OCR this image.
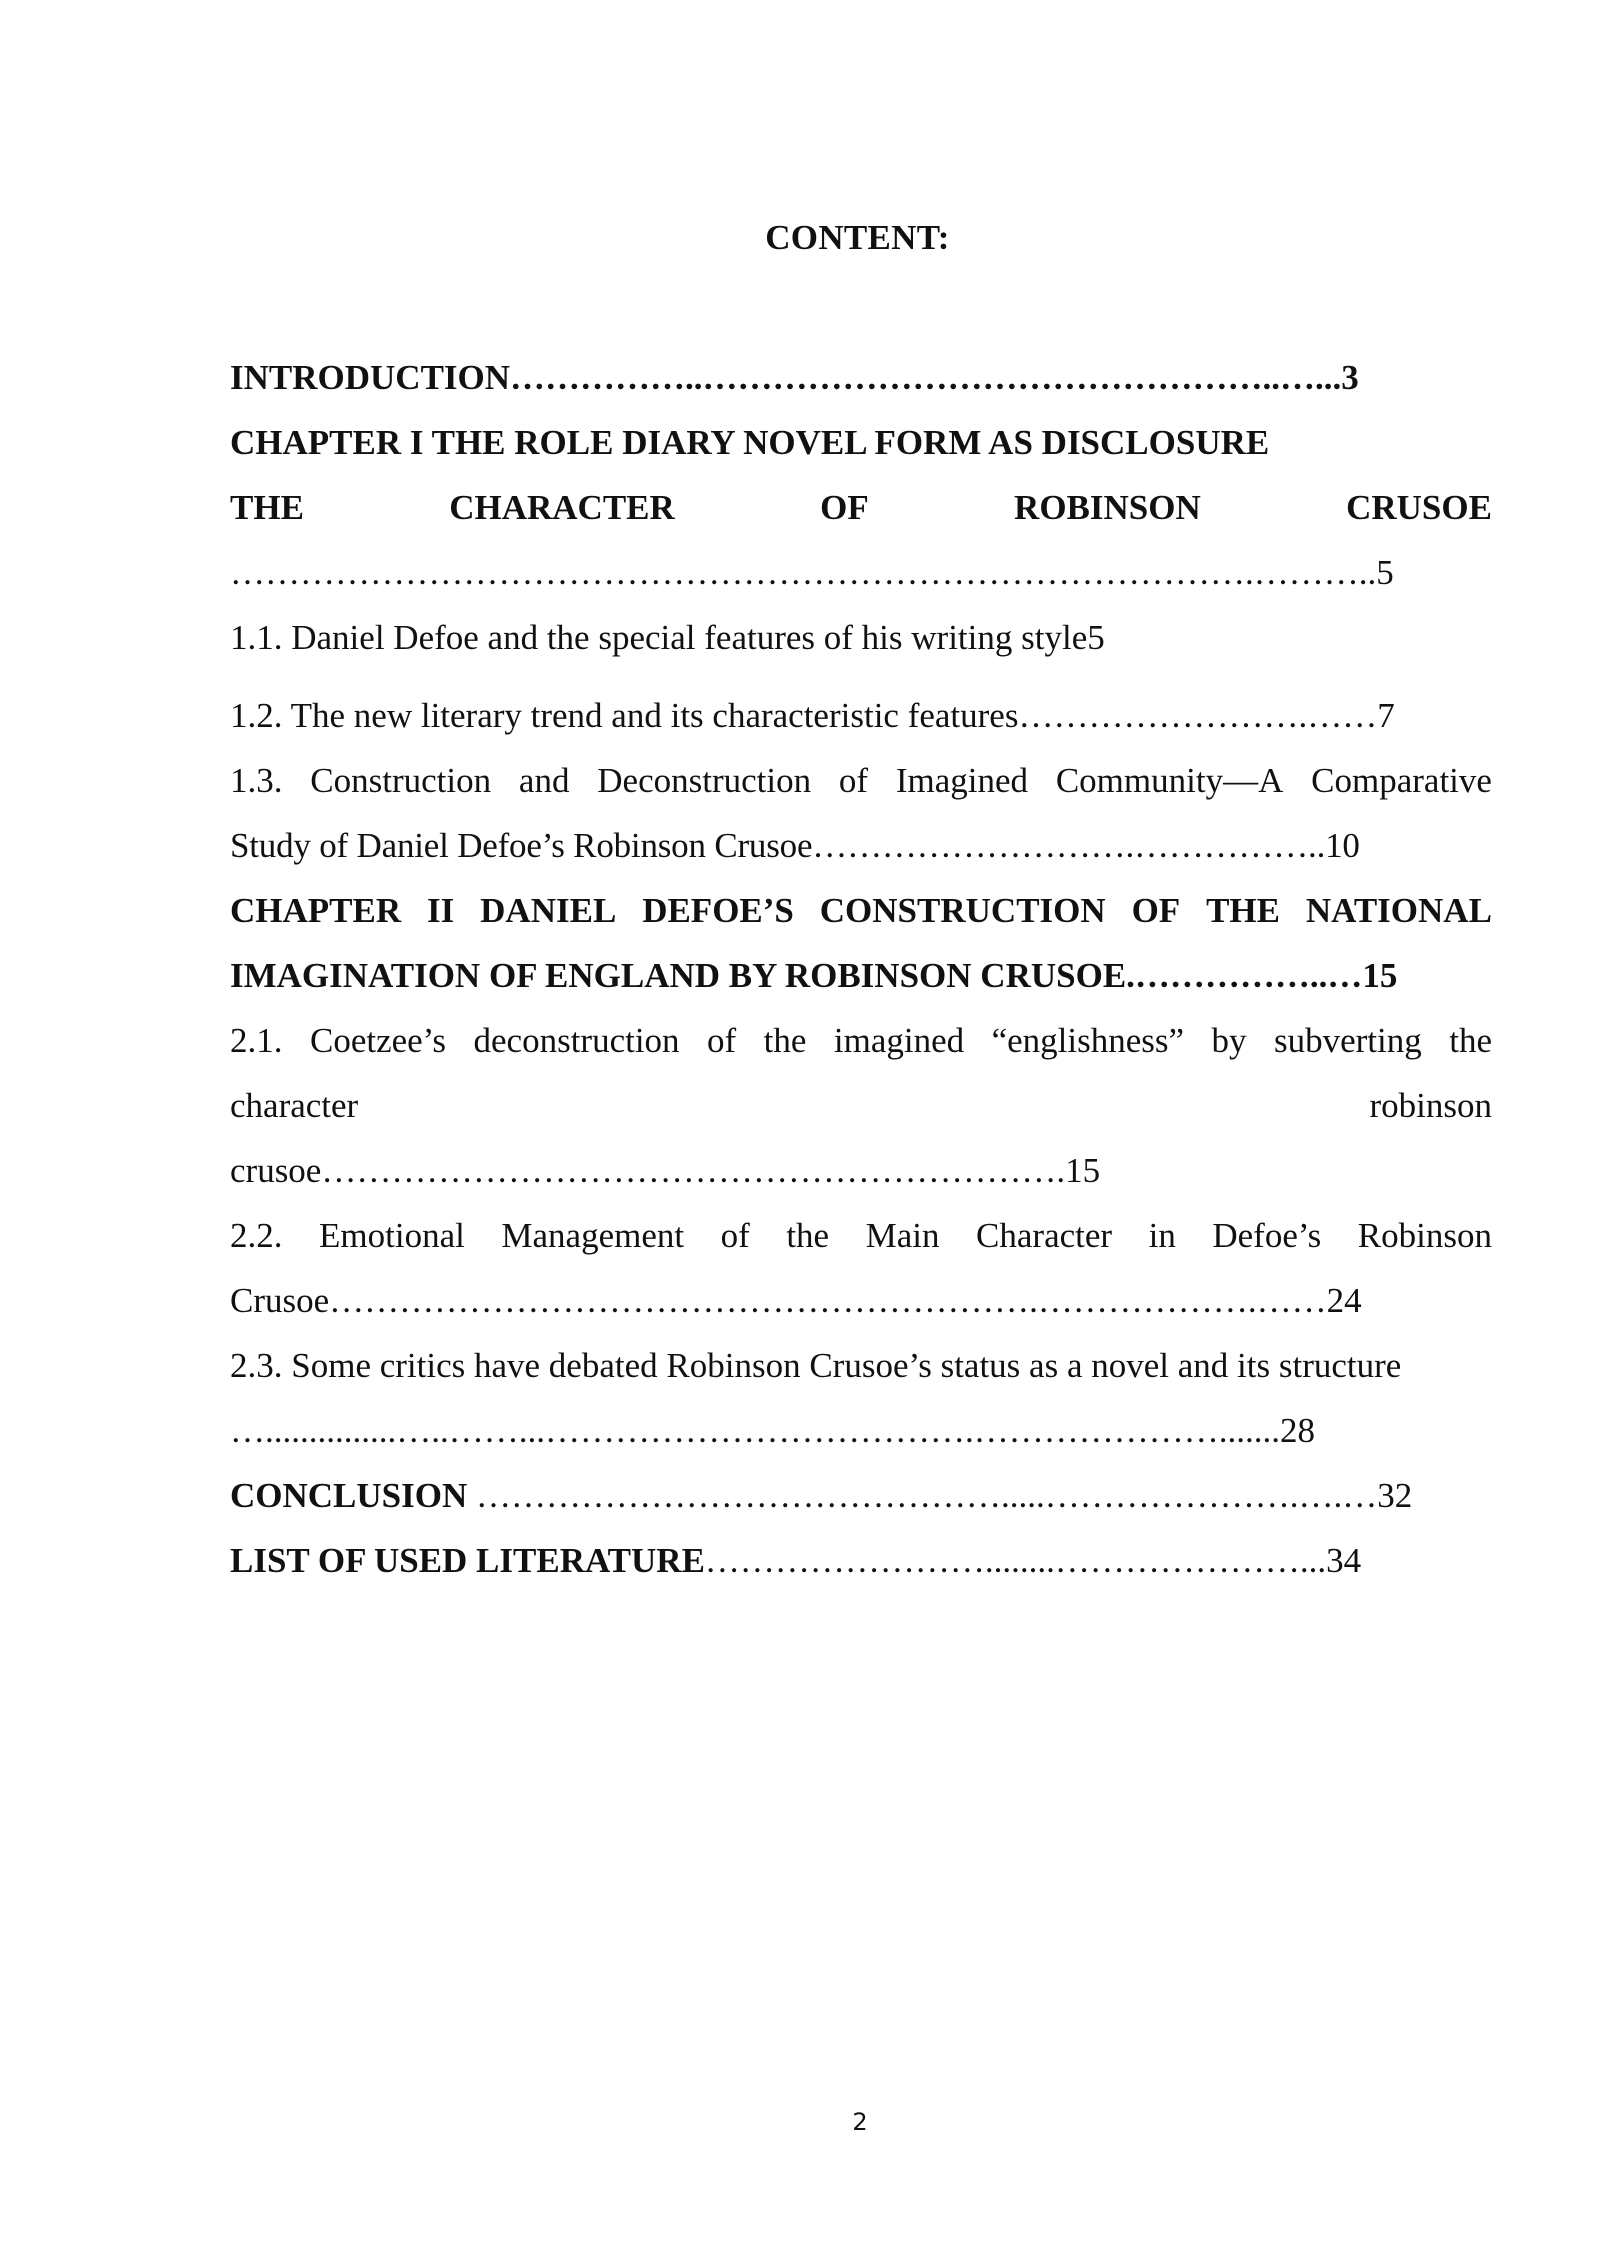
CONTENT:
INTRODUCTION……………..…………………………………………..…...3
CHAPTER I THE ROLE DIARY NOVEL FORM AS DISCLOSURE
THE	CHARACTER	OF	ROBINSON	CRUSOE
…………………………………………………………………………….………..5
1.1. Daniel Defoe and the special features of his writing style5
1.2. The new literary trend and its characteristic features…………………….……7
1.3. Construction and Deconstruction of Imagined Community—A Comparative
Study of Daniel Defoe’s Robinson Crusoe……………………….……………..10
CHAPTER II DANIEL DEFOE’S CONSTRUCTION OF THE NATIONAL
IMAGINATION OF ENGLAND BY ROBINSON CRUSOE.……………..…15
2.1. Coetzee’s deconstruction of the imagined “englishness” by subverting the
character	robinson
crusoe……………………………………………………….15
2.2. Emotional Management of the Main Character in Defoe’s Robinson
Crusoe…………………………………………………….……………….……24
2.3. Some critics have debated Robinson Crusoe’s status as a novel and its structure
…...............…..……...……………………………….………………….......28
CONCLUSION ……………………………………….....………………….….…32
LIST OF USED LITERATURE……………………........…………………...34
2
